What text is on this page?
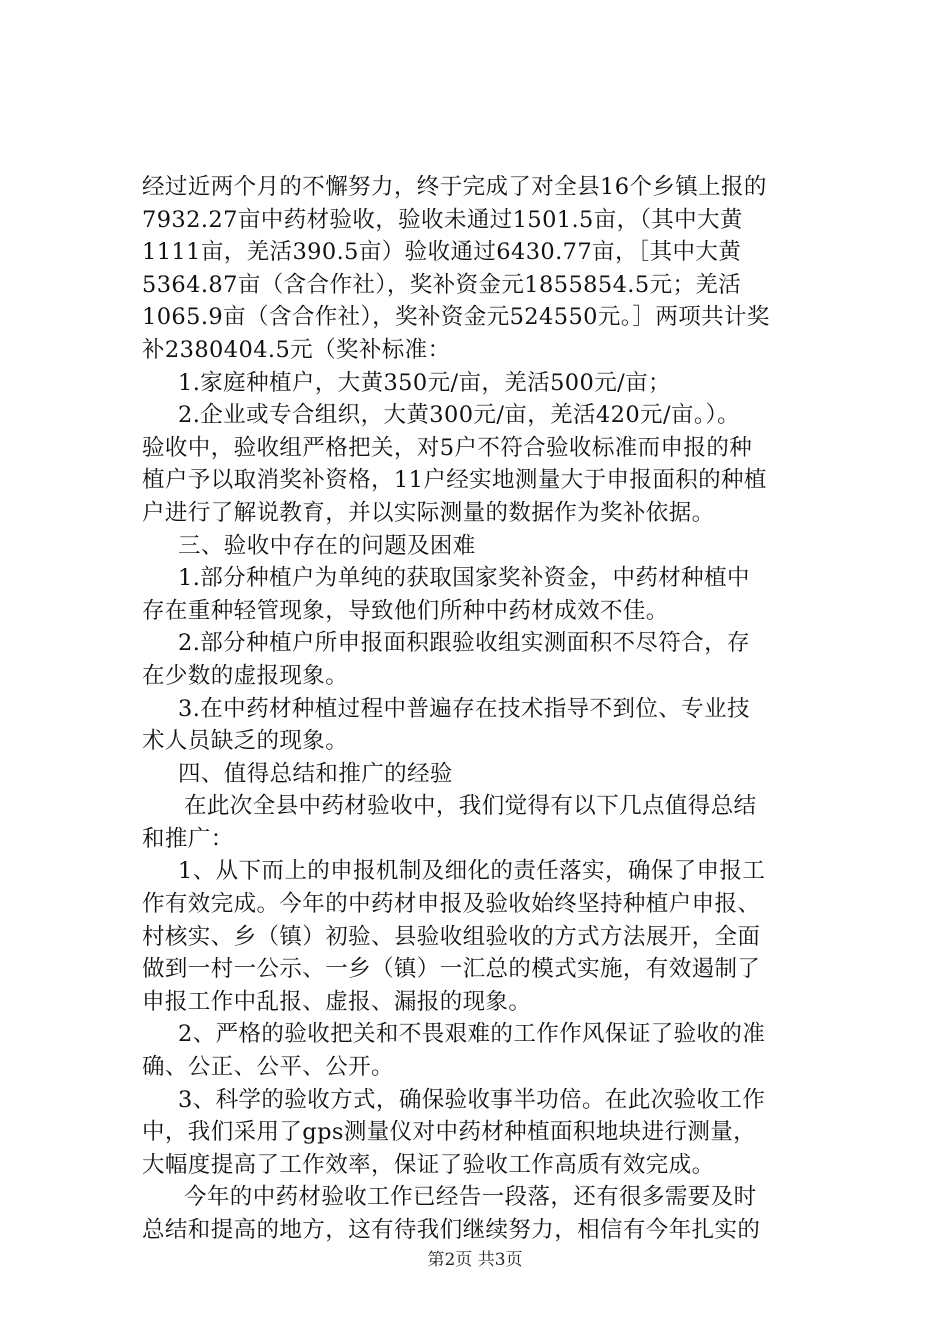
经过近两个月的不懈努力，终于完成了对全县16个乡镇上报的
7932.27亩中药材验收，验收未通过1501.5亩，（其中大黄
1111亩，羌活390.5亩）验收通过6430.77亩，［其中大黄
5364.87亩（含合作社），奖补资金元1855854.5元；羌活
1065.9亩（含合作社），奖补资金元524550元。］两项共计奖
补2380404.5元（奖补标准：
1.家庭种植户，大黄350元/亩，羌活500元/亩；
2.企业或专合组织，大黄300元/亩，羌活420元/亩。）。
验收中，验收组严格把关，对5户不符合验收标准而申报的种
植户予以取消奖补资格，11户经实地测量大于申报面积的种植
户进行了解说教育，并以实际测量的数据作为奖补依据。
三、验收中存在的问题及困难
1.部分种植户为单纯的获取国家奖补资金，中药材种植中
存在重种轻管现象，导致他们所种中药材成效不佳。
2.部分种植户所申报面积跟验收组实测面积不尽符合，存
在少数的虚报现象。
3.在中药材种植过程中普遍存在技术指导不到位、专业技
术人员缺乏的现象。
四、值得总结和推广的经验
在此次全县中药材验收中，我们觉得有以下几点值得总结
和推广：
1、从下而上的申报机制及细化的责任落实，确保了申报工
作有效完成。今年的中药材申报及验收始终坚持种植户申报、
村核实、乡（镇）初验、县验收组验收的方式方法展开，全面
做到一村一公示、一乡（镇）一汇总的模式实施，有效遏制了
申报工作中乱报、虚报、漏报的现象。
2、严格的验收把关和不畏艰难的工作作风保证了验收的准
确、公正、公平、公开。
3、科学的验收方式，确保验收事半功倍。在此次验收工作
中，我们采用了gps测量仪对中药材种植面积地块进行测量，
大幅度提高了工作效率，保证了验收工作高质有效完成。
今年的中药材验收工作已经告一段落，还有很多需要及时
总结和提高的地方，这有待我们继续努力，相信有今年扎实的
第2页 共3页
